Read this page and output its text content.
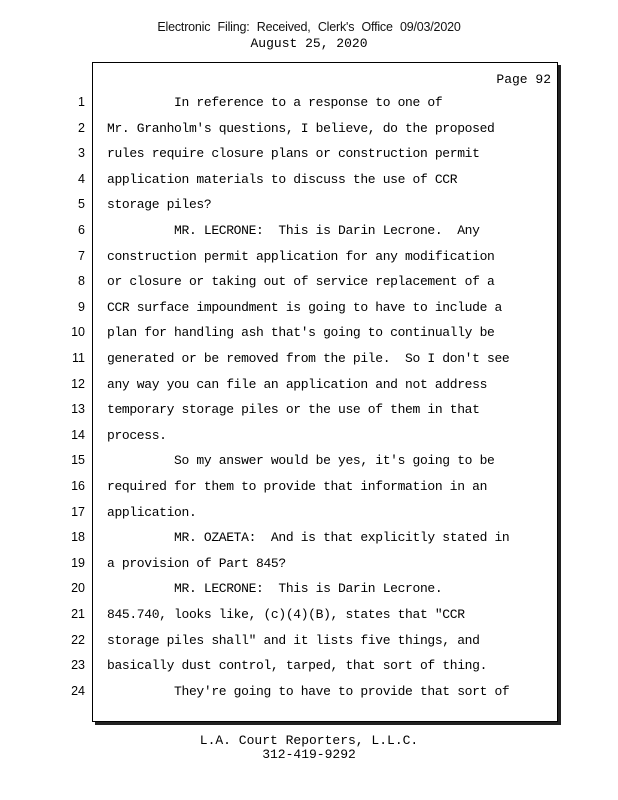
Electronic Filing: Received, Clerk's Office 09/03/2020
August 25, 2020
Page 92
1 In reference to a response to one of
2 Mr. Granholm's questions, I believe, do the proposed
3 rules require closure plans or construction permit
4 application materials to discuss the use of CCR
5 storage piles?
6 MR. LECRONE:  This is Darin Lecrone.  Any
7 construction permit application for any modification
8 or closure or taking out of service replacement of a
9 CCR surface impoundment is going to have to include a
10 plan for handling ash that's going to continually be
11 generated or be removed from the pile.  So I don't see
12 any way you can file an application and not address
13 temporary storage piles or the use of them in that
14 process.
15 So my answer would be yes, it's going to be
16 required for them to provide that information in an
17 application.
18 MR. OZAETA:  And is that explicitly stated in
19 a provision of Part 845?
20 MR. LECRONE:  This is Darin Lecrone.
21 845.740, looks like, (c)(4)(B), states that "CCR
22 storage piles shall" and it lists five things, and
23 basically dust control, tarped, that sort of thing.
24 They're going to have to provide that sort of
L.A. Court Reporters, L.L.C.
312-419-9292
